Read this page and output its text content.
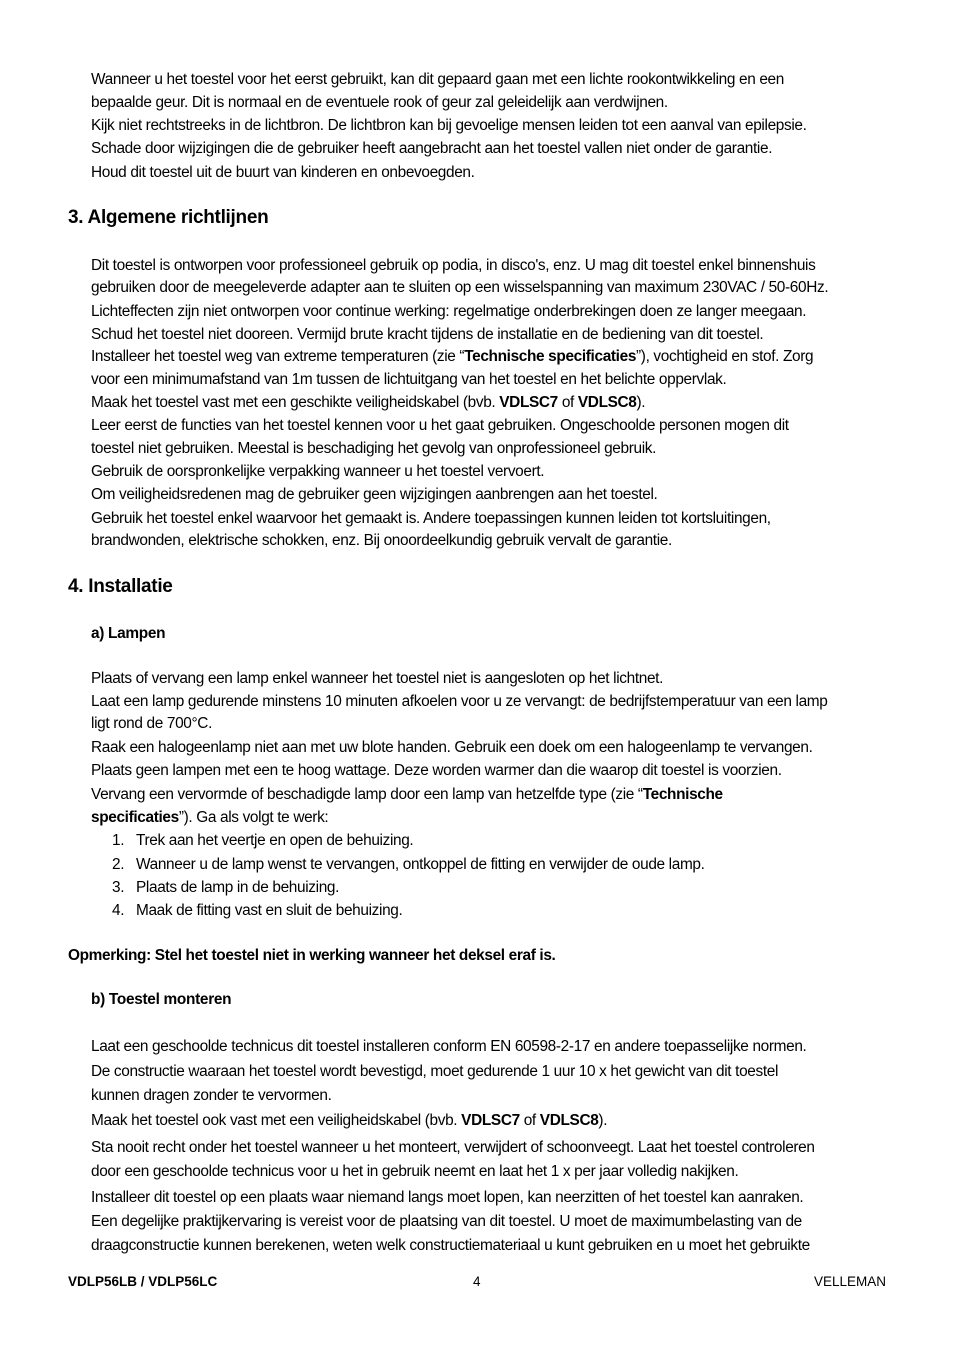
Wanneer u het toestel voor het eerst gebruikt, kan dit gepaard gaan met een lichte rookontwikkeling en een
bepaalde geur. Dit is normaal en de eventuele rook of geur zal geleidelijk aan verdwijnen.
Kijk niet rechtstreeks in de lichtbron. De lichtbron kan bij gevoelige mensen leiden tot een aanval van epilepsie.
Schade door wijzigingen die de gebruiker heeft aangebracht aan het toestel vallen niet onder de garantie.
Houd dit toestel uit de buurt van kinderen en onbevoegden.
3. Algemene richtlijnen
Dit toestel is ontworpen voor professioneel gebruik op podia, in disco's, enz. U mag dit toestel enkel binnenshuis
gebruiken door de meegeleverde adapter aan te sluiten op een wisselspanning van maximum 230VAC / 50-60Hz.
Lichteffecten zijn niet ontworpen voor continue werking: regelmatige onderbrekingen doen ze langer meegaan.
Schud het toestel niet dooreen. Vermijd brute kracht tijdens de installatie en de bediening van dit toestel.
Installeer het toestel weg van extreme temperaturen (zie “Technische specificaties”), vochtigheid en stof. Zorg
voor een minimumafstand van 1m tussen de lichtuitgang van het toestel en het belichte oppervlak.
Maak het toestel vast met een geschikte veiligheidskabel (bvb. VDLSC7 of VDLSC8).
Leer eerst de functies van het toestel kennen voor u het gaat gebruiken. Ongeschoolde personen mogen dit
toestel niet gebruiken. Meestal is beschadiging het gevolg van onprofessioneel gebruik.
Gebruik de oorspronkelijke verpakking wanneer u het toestel vervoert.
Om veiligheidsredenen mag de gebruiker geen wijzigingen aanbrengen aan het toestel.
Gebruik het toestel enkel waarvoor het gemaakt is. Andere toepassingen kunnen leiden tot kortsluitingen,
brandwonden, elektrische schokken, enz. Bij onoordeelkundig gebruik vervalt de garantie.
4. Installatie
a) Lampen
Plaats of vervang een lamp enkel wanneer het toestel niet is aangesloten op het lichtnet.
Laat een lamp gedurende minstens 10 minuten afkoelen voor u ze vervangt: de bedrijfstemperatuur van een lamp
ligt rond de 700°C.
Raak een halogeenlamp niet aan met uw blote handen. Gebruik een doek om een halogeenlamp te vervangen.
Plaats geen lampen met een te hoog wattage. Deze worden warmer dan die waarop dit toestel is voorzien.
Vervang een vervormde of beschadigde lamp door een lamp van hetzelfde type (zie “Technische
specificaties”). Ga als volgt te werk:
1. Trek aan het veertje en open de behuizing.
2. Wanneer u de lamp wenst te vervangen, ontkoppel de fitting en verwijder de oude lamp.
3. Plaats de lamp in de behuizing.
4. Maak de fitting vast en sluit de behuizing.
Opmerking: Stel het toestel niet in werking wanneer het deksel eraf is.
b) Toestel monteren
Laat een geschoolde technicus dit toestel installeren conform EN 60598-2-17 en andere toepasselijke normen.
De constructie waaraan het toestel wordt bevestigd, moet gedurende 1 uur 10 x het gewicht van dit toestel
kunnen dragen zonder te vervormen.
Maak het toestel ook vast met een veiligheidskabel (bvb. VDLSC7 of VDLSC8).
Sta nooit recht onder het toestel wanneer u het monteert, verwijdert of schoonveegt. Laat het toestel controleren
door een geschoolde technicus voor u het in gebruik neemt en laat het 1 x per jaar volledig nakijken.
Installeer dit toestel op een plaats waar niemand langs moet lopen, kan neerzitten of het toestel kan aanraken.
Een degelijke praktijkervaring is vereist voor de plaatsing van dit toestel. U moet de maximumbelasting van de
draagconstructie kunnen berekenen, weten welk constructiemateriaal u kunt gebruiken en u moet het gebruikte
VDLP56LB / VDLP56LC	4	VELLEMAN
